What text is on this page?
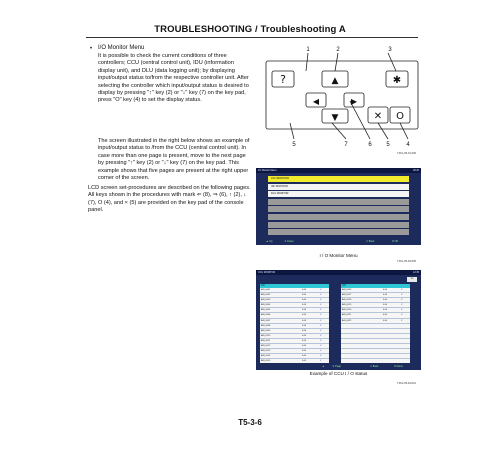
TROUBLESHOOTING / Troubleshooting A
• I/O Monitor Menu
It is possible to check the current conditions of three controllers; CCU (central control unit), IDU (information display unit), and DLU (data logging unit); by displaying input/output status to/from the respective controller unit. After selecting the controller which input/output status is desired to display by pressing "↑" key (2) or "↓" key (7) on the key pad, press "O" key (4) to set the display status.
The screen illustrated in the right below shows an example of input/output status to /from the CCU (central control unit). In case more than one page is present, move to the next page by pressing "↑" key (2) or "↓" key (7) on the key pad. This example shows that five pages are present at the right upper corner of the screen.
LCD screen set-procedures are described on the following pages. All keys shown in the procedures with mark ⇐ (8), ⇒ (6), ↑ (2), ↓ (7), O (4), and × (5) are provided on the key pad of the console panel.
1	2	3
5	7	6 5	4
?	▲	✱
◀	▶
▼	✕ O
T1K1-05-01-006
I/O Monitor Menu	06:26
CCU MONITOR
IDU MONITOR
DLU MONITOR
▲ Up	▼ Down	✕ Back	O OK
I / O Monitor Menu
T1K1-05-03-005
CCU MONITOR	12:45
1/5
A/D
AIN_0001	0.00	V
AIN_0002	0.00	V
AIN_0003	0.00	V
AIN_0004	0.00	V
AIN_0005	0.00	V
AIN_0006	0.00	V
AIN_0007	0.00	V
AIN_0008	0.00	V
AIN_0009	0.00	V
AIN_0010	0.00	V
AIN_0011	0.00	V
AIN_0012	0.00	V
AIN_0013	0.00	V
AIN_0014	0.00	V
AIN_0015	0.00	V
A/D
AIN_0016	0.00	V
AIN_0017	0.00	V
AIN_0018	0.00	V
AIN_0019	0.00	V
AIN_0020	0.00	V
AIN_0021	0.00	V
AIN_0022	0.00	V
▲	▼ Page	✕ Back	O Menu
Example of CCU I / O status
T1K1-05-03-021
T5-3-6
